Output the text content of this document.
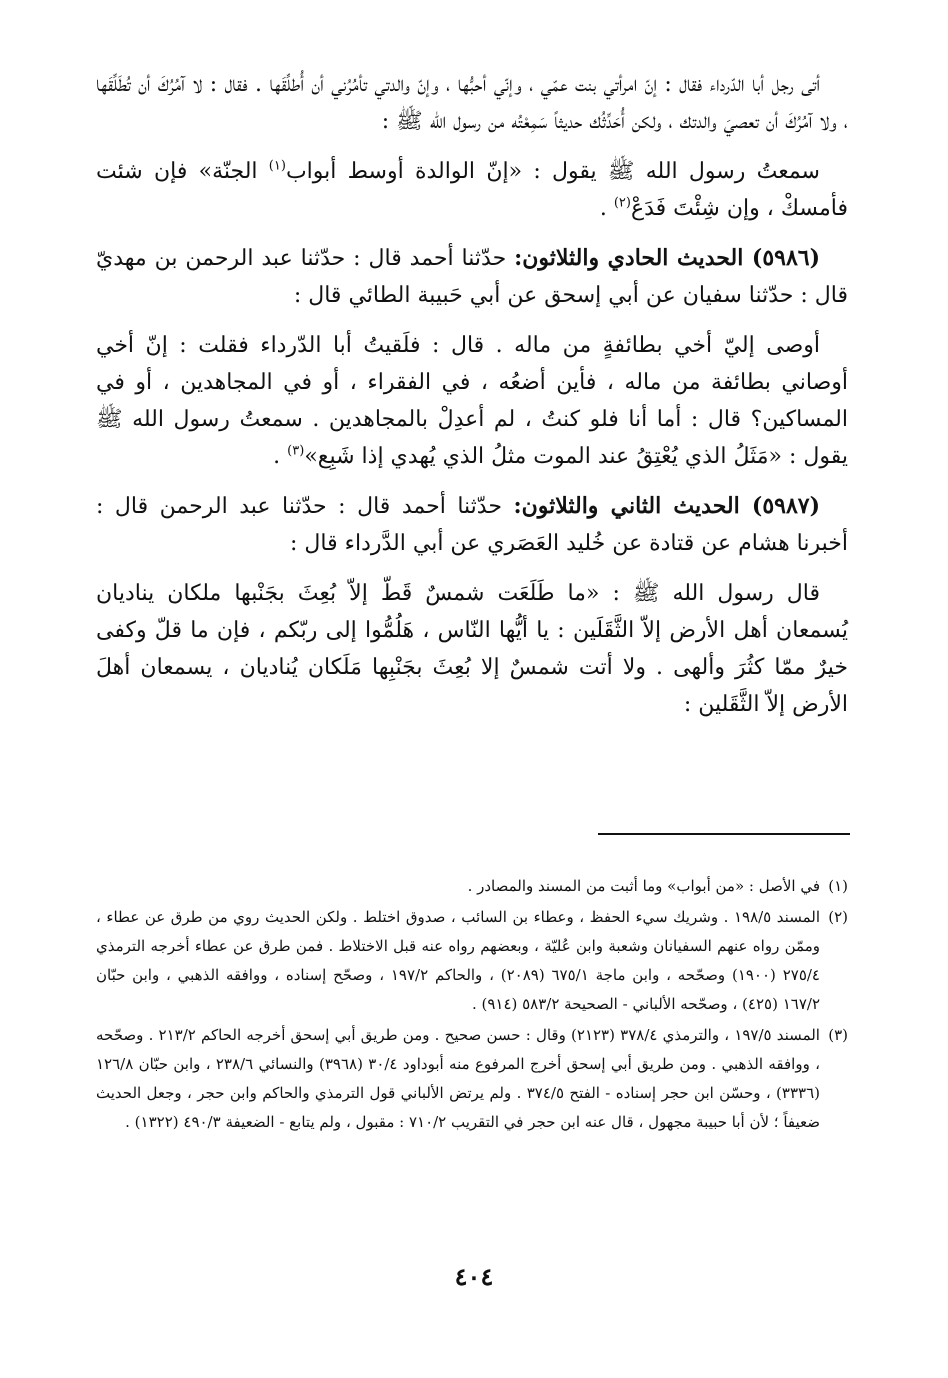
أتى رجل أبا الدّرداء فقال : إنّ امرأتي بنت عمّي ، وإنّي أحبُّها ، وإنّ والدتي تأمُرُني أن أُطلِّقَها . فقال : لا آمُرُكَ أن تُطَلِّقَها ، ولا آمُرُكَ أن تعصيَ والدتك ، ولكن أُحَدِّثُك حديثاً سَمِعْتُه من رسول الله ﷺ :

سمعتُ رسول الله ﷺ يقول : «إنّ الوالدة أوسط أبواب$^{(١)}$ الجنّة» فإن شئت فأمسكْ ، وإن شِئْتَ فَدَعْ$^{(٢)}$ .

(٥٩٨٦) الحديث الحادي والثلاثون: حدّثنا أحمد قال : حدّثنا عبد الرحمن بن مهديّ قال : حدّثنا سفيان عن أبي إسحق عن أبي حَبيبة الطائي قال :

أوصى إليّ أخي بطائفةٍ من ماله . قال : فلَقيتُ أبا الدّرداء فقلت : إنّ أخي أوصاني بطائفة من ماله ، فأين أضعُه ، في الفقراء ، أو في المجاهدين ، أو في المساكين؟ قال : أما أنا فلو كنتُ ، لم أعدِلْ بالمجاهدين . سمعتُ رسول الله ﷺ يقول : «مَثَلُ الذي يُعْتِقُ عند الموت مثلُ الذي يُهدي إذا شَبِع»$^{(٣)}$ .

(٥٩٨٧) الحديث الثاني والثلاثون: حدّثنا أحمد قال : حدّثنا عبد الرحمن قال : أخبرنا هشام عن قتادة عن خُليد العَصَري عن أبي الدَّرداء قال :

قال رسول الله ﷺ : «ما طَلَعَت شمسٌ قَطّ إلاّ بُعِثَ بجَنْبها ملكان يناديان يُسمعان أهل الأرض إلاّ الثَّقَلَين : يا أيُّها النّاس ، هَلُمُّوا إلى ربّكم ، فإن ما قلّ وكفى خيرٌ ممّا كثُرَ وألهى . ولا أتت شمسٌ إلا بُعِثَ بجَنْبِها مَلَكان يُناديان ، يسمعان أهلَ الأرض إلاّ الثَّقَلين :

(١)في الأصل : «من أبواب» وما أثبت من المسند والمصادر .

(٢)المسند ١٩٨/٥ . وشريك سيء الحفظ ، وعطاء بن السائب ، صدوق اختلط . ولكن الحديث روي من طرق عن عطاء ، وممّن رواه عنهم السفيانان وشعبة وابن عُليّة ، وبعضهم رواه عنه قبل الاختلاط . فمن طرق عن عطاء أخرجه الترمذي ٢٧٥/٤ (١٩٠٠) وصحّحه ، وابن ماجة ٦٧٥/١ (٢٠٨٩) ، والحاكم ١٩٧/٢ ، وصحّح إسناده ، ووافقه الذهبي ، وابن حبّان ١٦٧/٢ (٤٢٥) ، وصحّحه الألباني - الصحيحة ٥٨٣/٢ (٩١٤) .

(٣)المسند ١٩٧/٥ ، والترمذي ٣٧٨/٤ (٢١٢٣) وقال : حسن صحيح . ومن طريق أبي إسحق أخرجه الحاكم ٢١٣/٢ . وصحّحه ، ووافقه الذهبي . ومن طريق أبي إسحق أخرج المرفوع منه أبوداود ٣٠/٤ (٣٩٦٨) والنسائي ٢٣٨/٦ ، وابن حبّان ١٢٦/٨ (٣٣٣٦) ، وحسّن ابن حجر إسناده - الفتح ٣٧٤/٥ . ولم يرتض الألباني قول الترمذي والحاكم وابن حجر ، وجعل الحديث ضعيفاً ؛ لأن أبا حبيبة مجهول ، قال عنه ابن حجر في التقريب ٧١٠/٢ : مقبول ، ولم يتابع - الضعيفة ٤٩٠/٣ (١٣٢٢) .

٤٠٤
